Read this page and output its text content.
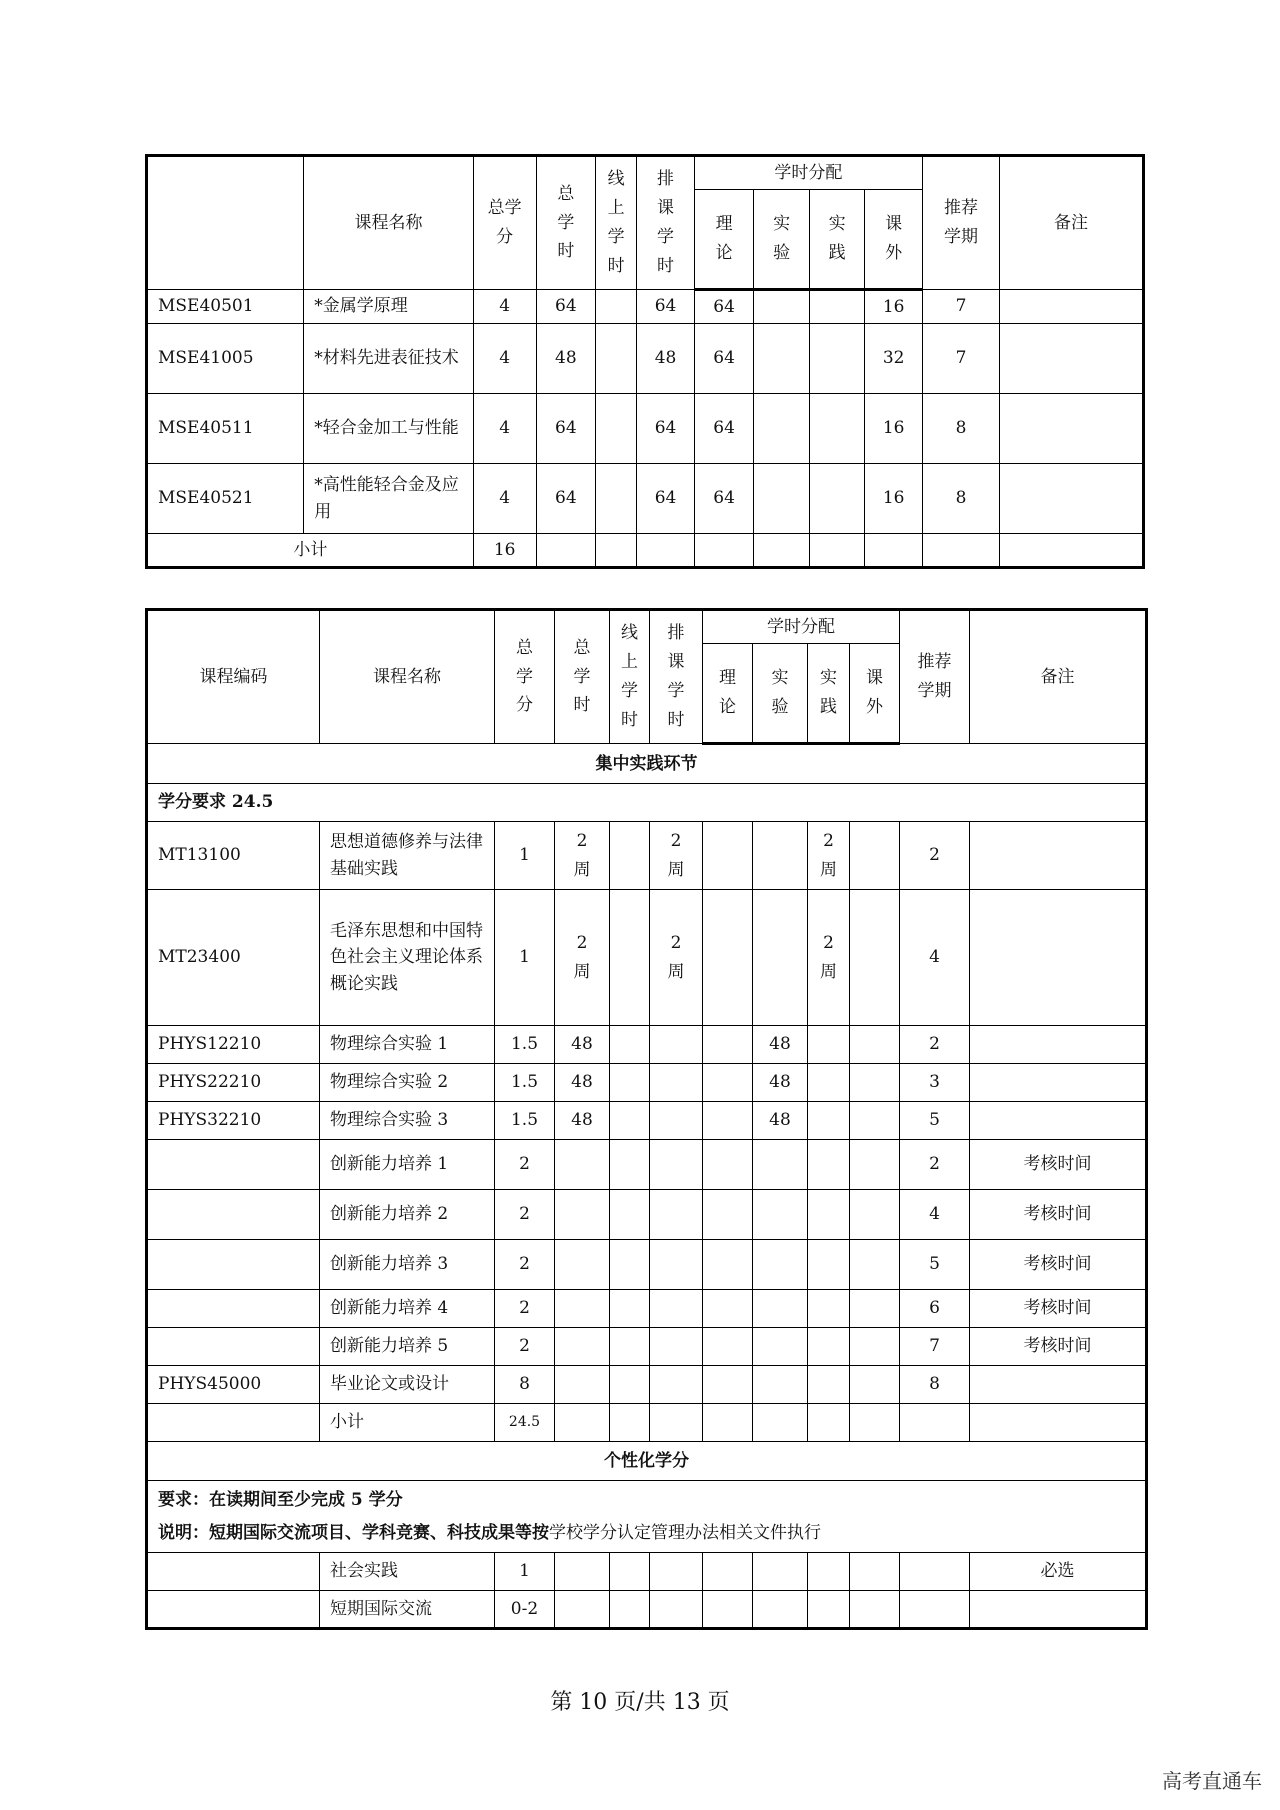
	课程名称	总学分	总学时	线上学时	排课学时	学时分配				推荐学期	备注
						理论	实验	实践	课外		
MSE40501	*金属学原理	4	64		64	64			16	7	
MSE41005	*材料先进表征技术	4	48		48	64			32	7	
MSE40511	*轻合金加工与性能	4	64		64	64			16	8	
MSE40521	*高性能轻合金及应用	4	64		64	64			16	8	
小计		16									
课程编码	课程名称	总学分	总学时	线上学时	排课学时	学时分配				推荐学期	备注
						理论	实验	实践	课外		
集中实践环节											
学分要求 24.5											
MT13100	思想道德修养与法律基础实践	1	2周		2周			2周		2	
MT23400	毛泽东思想和中国特色社会主义理论体系概论实践	1	2周		2周			2周		4	
PHYS12210	物理综合实验 1	1.5	48				48			2	
PHYS22210	物理综合实验 2	1.5	48				48			3	
PHYS32210	物理综合实验 3	1.5	48				48			5	
	创新能力培养 1	2								2	考核时间
	创新能力培养 2	2								4	考核时间
	创新能力培养 3	2								5	考核时间
	创新能力培养 4	2								6	考核时间
	创新能力培养 5	2								7	考核时间
PHYS45000	毕业论文或设计	8								8	
	小计	24.5									
个性化学分											

要求：在读期间至少完成 5 学分
说明：短期国际交流项目、学科竞赛、科技成果等按学校学分认定管理办法相关文件执行											

	社会实践	1									必选
	短期国际交流	0-2									
第 10 页/共 13 页
高考直通车
